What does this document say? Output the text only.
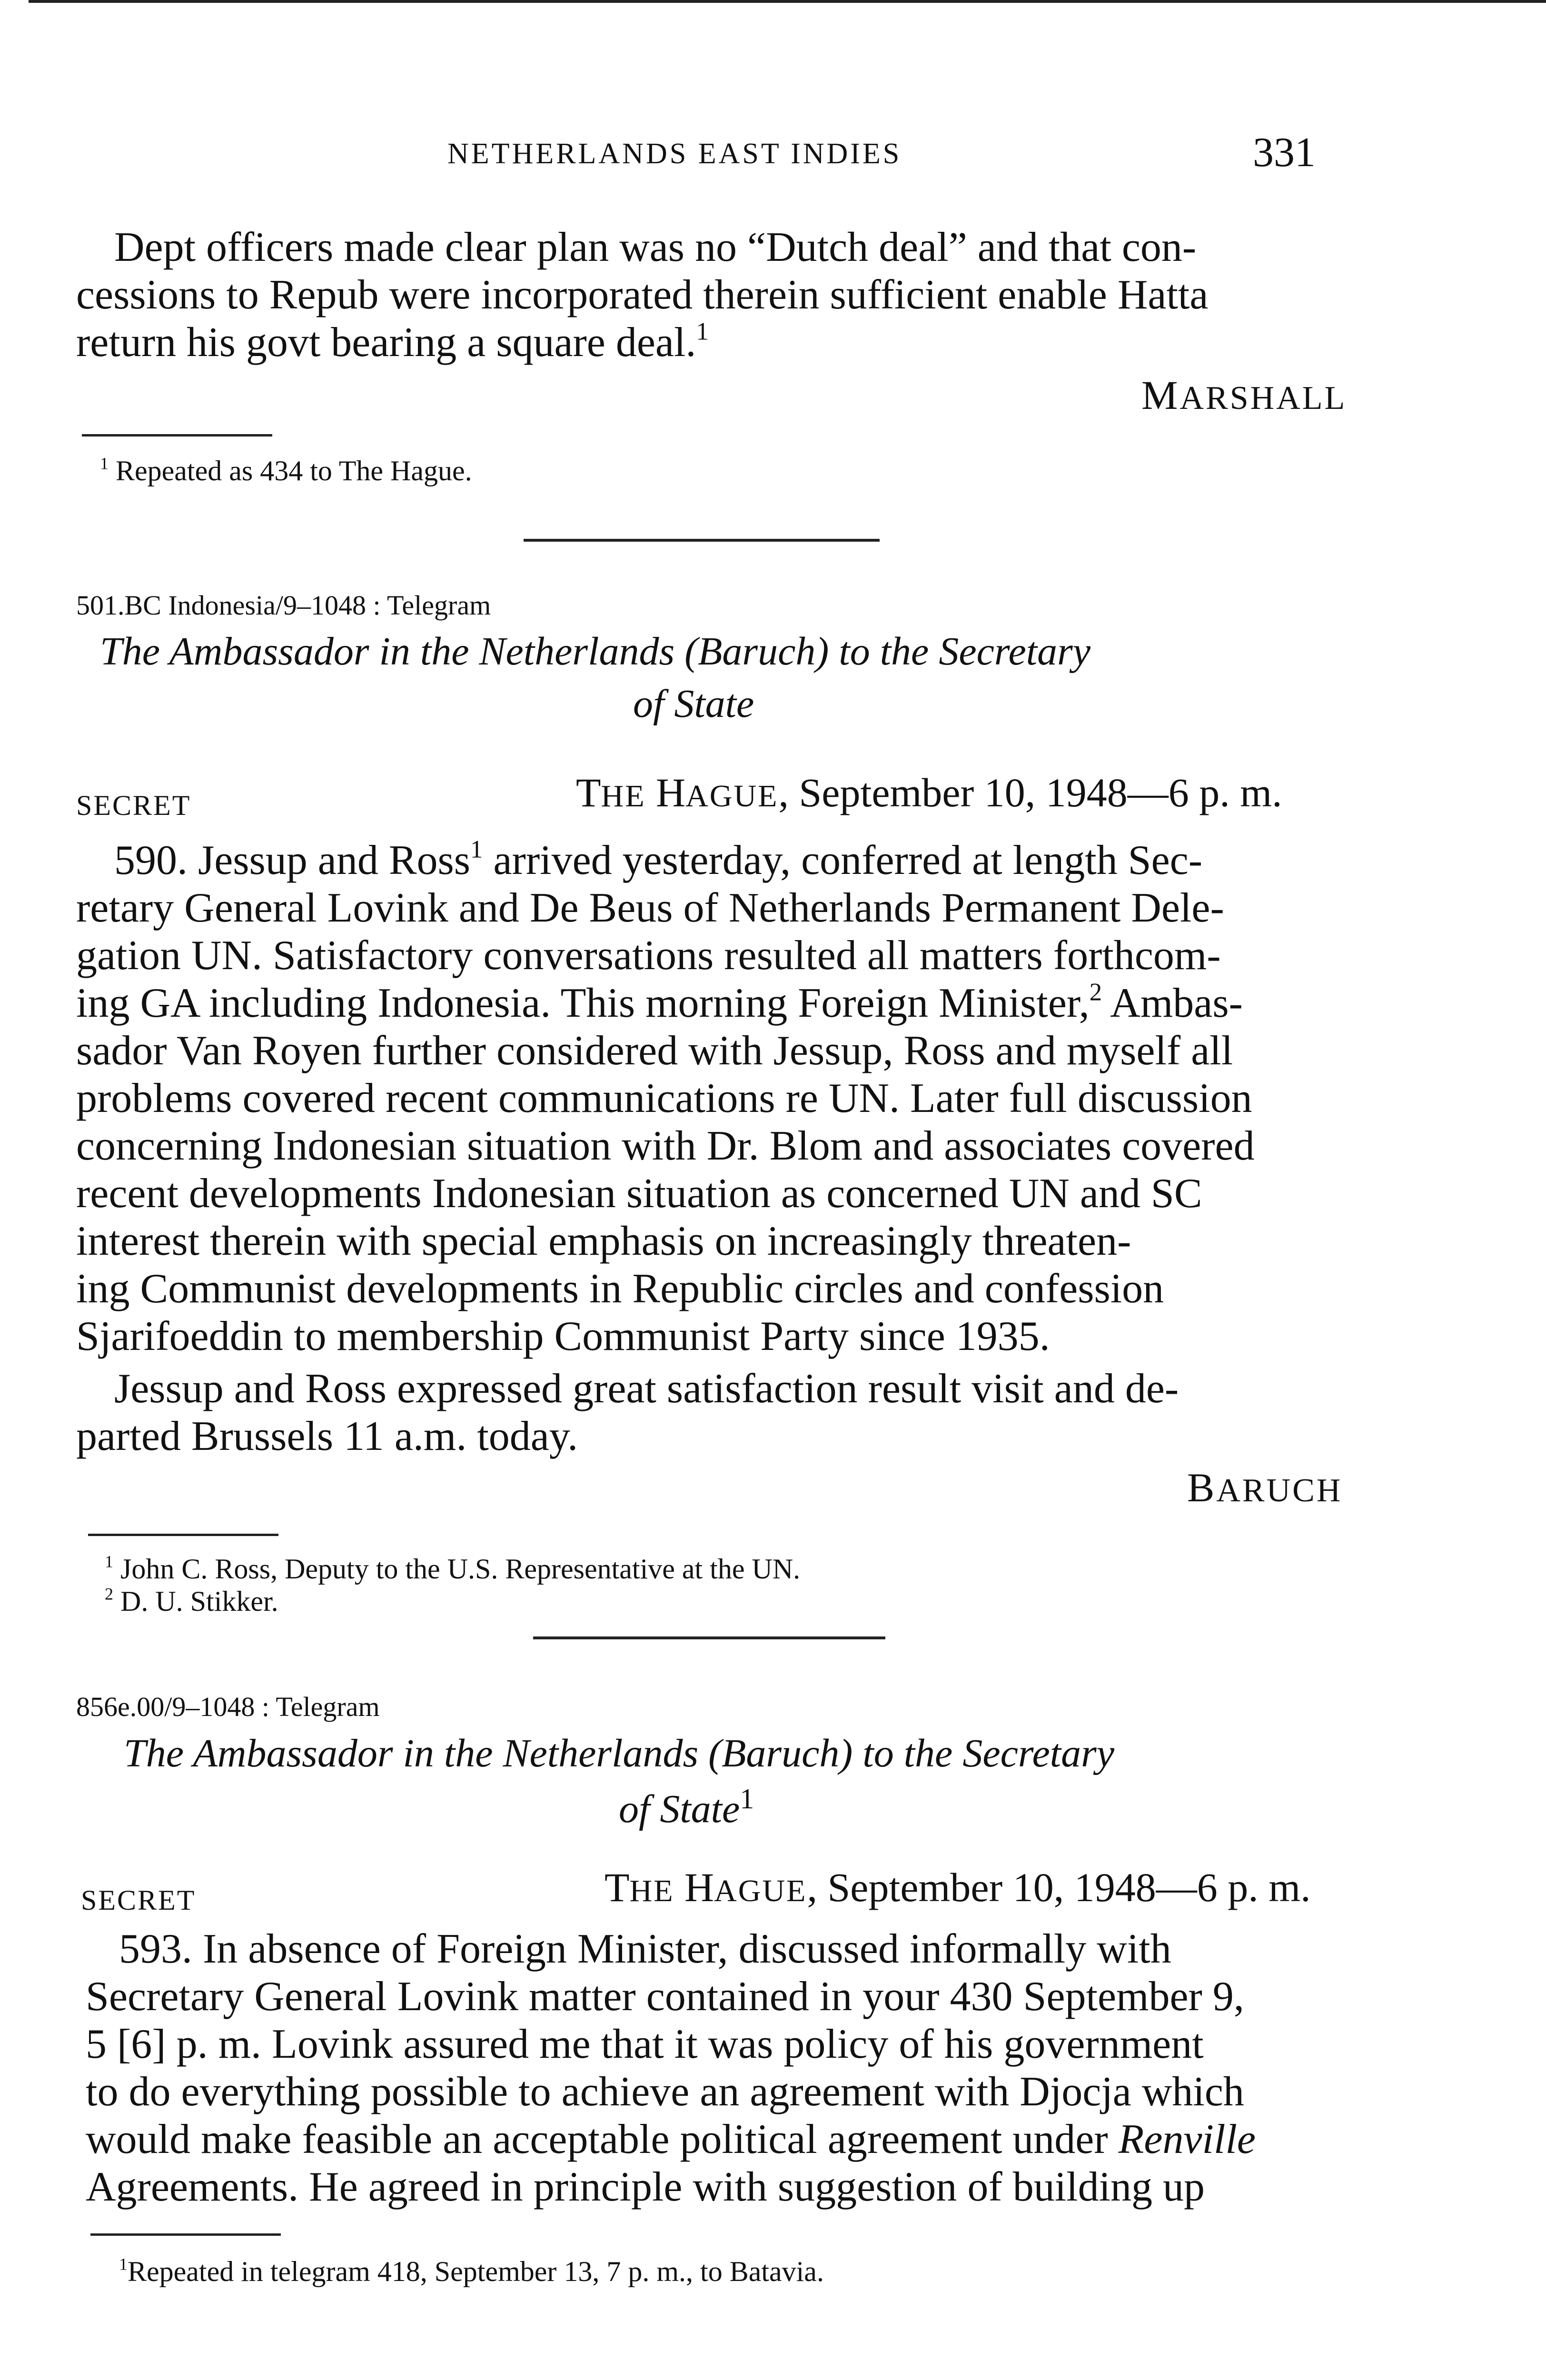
NETHERLANDS EAST INDIES	331
Dept officers made clear plan was no “Dutch deal” and that con-
cessions to Repub were incorporated therein sufficient enable Hatta
return his govt bearing a square deal.$^1$
MARSHALL
$^1$ Repeated as 434 to The Hague.
501.BC Indonesia/9–1048 : Telegram
The Ambassador in the Netherlands (Baruch) to the Secretary
of State
SECRET	THE HAGUE, September 10, 1948—6 p. m.
590. Jessup and Ross$^1$ arrived yesterday, conferred at length Sec-
retary General Lovink and De Beus of Netherlands Permanent Dele-
gation UN. Satisfactory conversations resulted all matters forthcom-
ing GA including Indonesia. This morning Foreign Minister,$^2$ Ambas-
sador Van Royen further considered with Jessup, Ross and myself all
problems covered recent communications re UN. Later full discussion
concerning Indonesian situation with Dr. Blom and associates covered
recent developments Indonesian situation as concerned UN and SC
interest therein with special emphasis on increasingly threaten-
ing Communist developments in Republic circles and confession
Sjarifoeddin to membership Communist Party since 1935.
Jessup and Ross expressed great satisfaction result visit and de-
parted Brussels 11 a.m. today.
BARUCH
$^1$ John C. Ross, Deputy to the U.S. Representative at the UN.
$^2$ D. U. Stikker.
856e.00/9–1048 : Telegram
The Ambassador in the Netherlands (Baruch) to the Secretary
of State$^1$
SECRET	THE HAGUE, September 10, 1948—6 p. m.
593. In absence of Foreign Minister, discussed informally with
Secretary General Lovink matter contained in your 430 September 9,
5 [6] p. m. Lovink assured me that it was policy of his government
to do everything possible to achieve an agreement with Djocja which
would make feasible an acceptable political agreement under Renville
Agreements. He agreed in principle with suggestion of building up
$^1$Repeated in telegram 418, September 13, 7 p. m., to Batavia.
